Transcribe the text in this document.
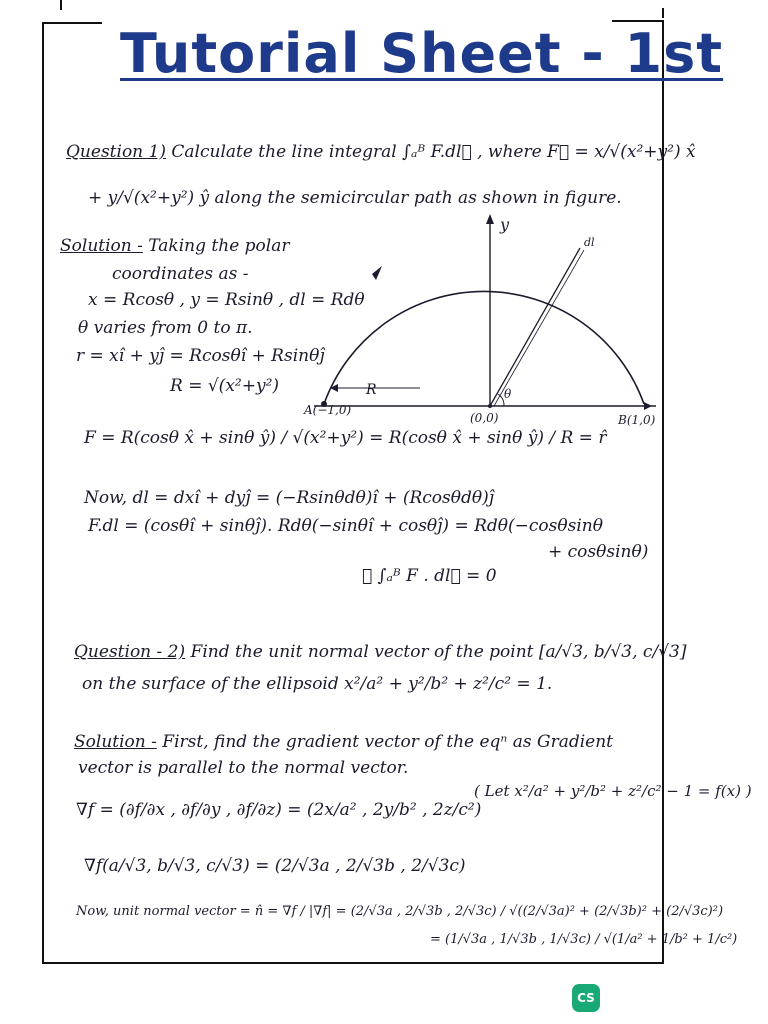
Tutorial Sheet - 1st
Question 1) Calculate the line integral ∫ₐᴮ F.dl⃗ , where F⃗ = x/√(x²+y²) x̂
+ y/√(x²+y²) ŷ along the semicircular path as shown in figure.
Solution - Taking the polar
coordinates as -
x = Rcosθ , y = Rsinθ , dl = Rdθ
θ varies from 0 to π.
r = xî + yĵ = Rcosθî + Rsinθĵ
R = √(x²+y²)
y
dl
R	θ
A(−1,0)
(0,0)	B(1,0)
F = R(cosθ x̂ + sinθ ŷ) / √(x²+y²) = R(cosθ x̂ + sinθ ŷ) / R = r̂
Now, dl = dxî + dyĵ = (−Rsinθdθ)î + (Rcosθdθ)ĵ
F.dl = (cosθî + sinθĵ). Rdθ(−sinθî + cosθĵ) = Rdθ(−cosθsinθ
+ cosθsinθ)
∴ ∫ₐᴮ F . dl⃗ = 0
Question - 2) Find the unit normal vector of the point [a/√3, b/√3, c/√3]
on the surface of the ellipsoid x²/a² + y²/b² + z²/c² = 1.
Solution - First, find the gradient vector of the eqⁿ as Gradient
vector is parallel to the normal vector.
( Let x²/a² + y²/b² + z²/c² − 1 = f(x) )
∇f = (∂f/∂x , ∂f/∂y , ∂f/∂z) = (2x/a² , 2y/b² , 2z/c²)
∇f(a/√3, b/√3, c/√3) = (2/√3a , 2/√3b , 2/√3c)
Now, unit normal vector = n̂ = ∇f / |∇f| = (2/√3a , 2/√3b , 2/√3c) / √((2/√3a)² + (2/√3b)² + (2/√3c)²)
= (1/√3a , 1/√3b , 1/√3c) / √(1/a² + 1/b² + 1/c²)
CS
